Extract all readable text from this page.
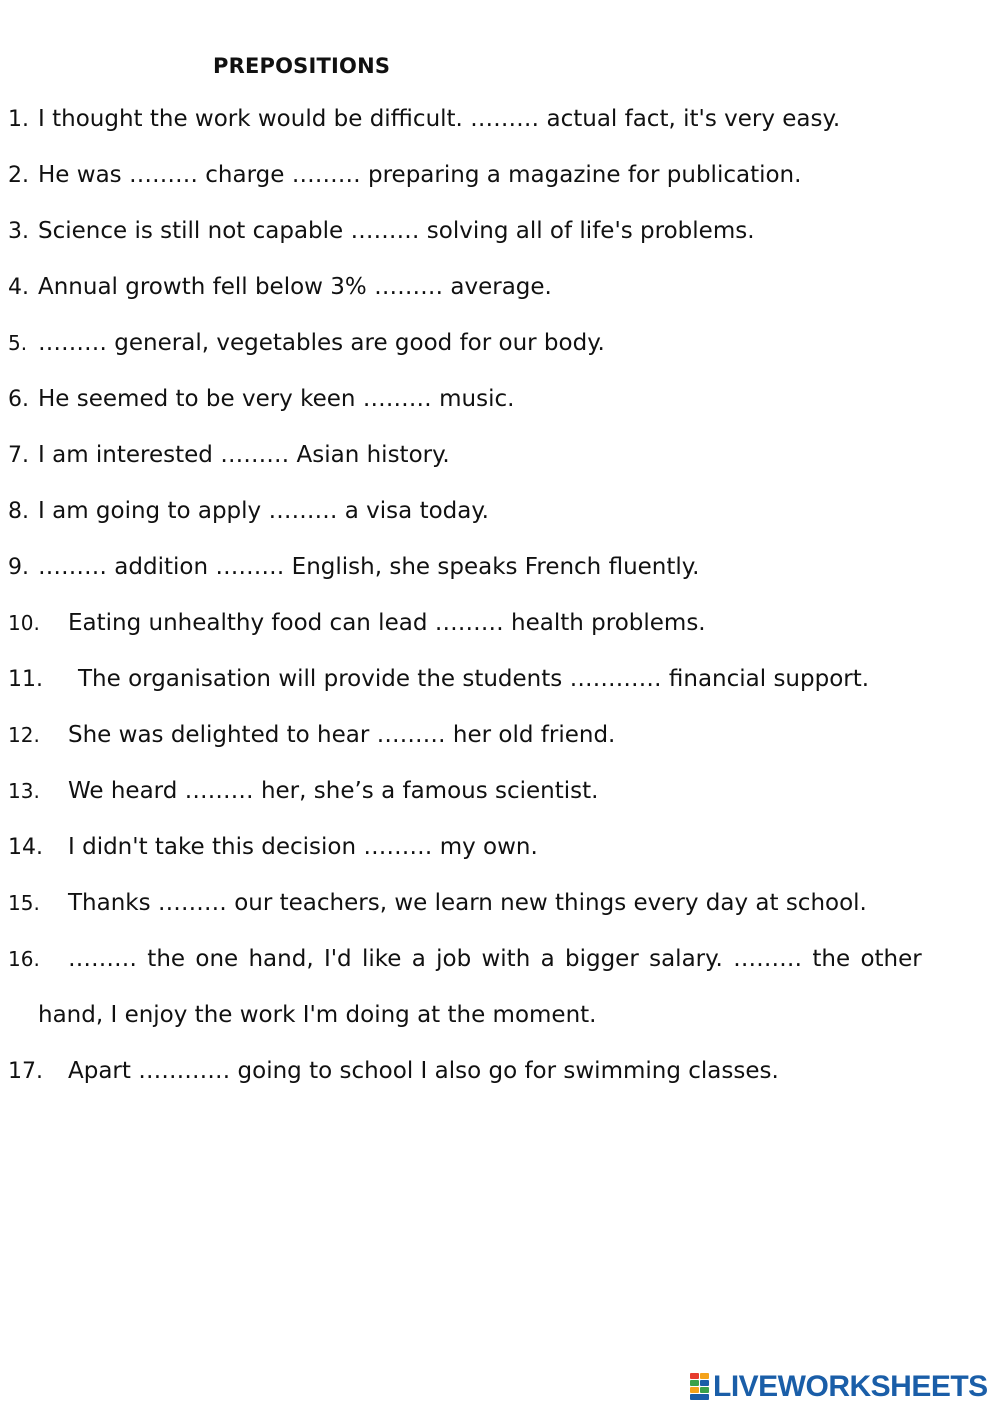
PREPOSITIONS
1. I thought the work would be difficult. ……… actual fact, it's very easy.
2. He was ……… charge ……… preparing a magazine for publication.
3. Science is still not capable ……… solving all of life's problems.
4. Annual growth fell below 3% ……… average.
5. ……… general, vegetables are good for our body.
6. He seemed to be very keen ……… music.
7. I am interested ……… Asian history.
8. I am going to apply ……… a visa today.
9. ……… addition ……… English, she speaks French fluently.
10. Eating unhealthy food can lead ……… health problems.
11. The organisation will provide the students ………… financial support.
12. She was delighted to hear ……… her old friend.
13. We heard ……… her, she’s a famous scientist.
14. I didn't take this decision ……… my own.
15. Thanks ……… our teachers, we learn new things every day at school.
16. ……… the one hand, I'd like a job with a bigger salary. ……… the other
hand, I enjoy the work I'm doing at the moment.
17. Apart ………… going to school I also go for swimming classes.
LIVEWORKSHEETS
